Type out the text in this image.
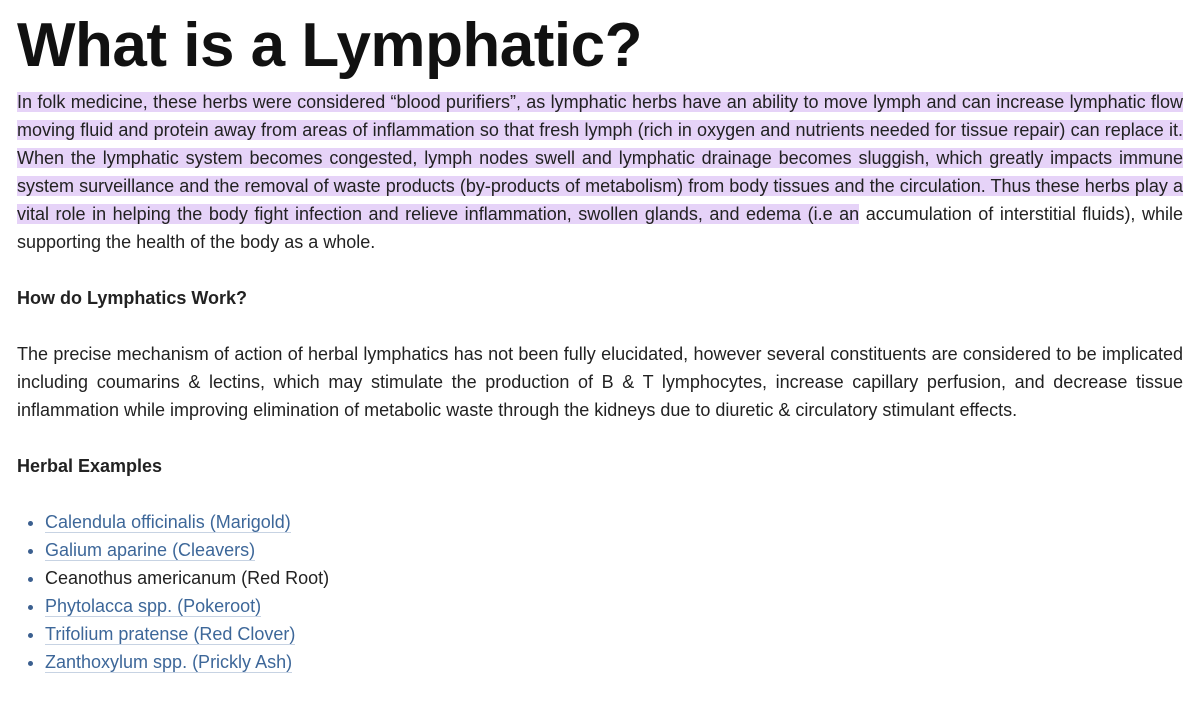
What is a Lymphatic?

In folk medicine, these herbs were considered “blood purifiers”, as lymphatic herbs have an ability to move lymph and can increase lymphatic flow moving fluid and protein away from areas of inflammation so that fresh lymph (rich in oxygen and nutrients needed for tissue repair) can replace it. When the lymphatic system becomes congested, lymph nodes swell and lymphatic drainage becomes sluggish, which greatly impacts immune system surveillance and the removal of waste products (by-products of metabolism) from body tissues and the circulation. Thus these herbs play a vital role in helping the body fight infection and relieve inflammation, swollen glands, and edema (i.e an accumulation of interstitial fluids), while supporting the health of the body as a whole.

How do Lymphatics Work?

The precise mechanism of action of herbal lymphatics has not been fully elucidated, however several constituents are considered to be implicated including coumarins & lectins, which may stimulate the production of B & T lymphocytes, increase capillary perfusion, and decrease tissue inflammation while improving elimination of metabolic waste through the kidneys due to diuretic & circulatory stimulant effects.

Herbal Examples

• Calendula officinalis (Marigold)
• Galium aparine (Cleavers)
• Ceanothus americanum (Red Root)
• Phytolacca spp. (Pokeroot)
• Trifolium pratense (Red Clover)
• Zanthoxylum spp. (Prickly Ash)
